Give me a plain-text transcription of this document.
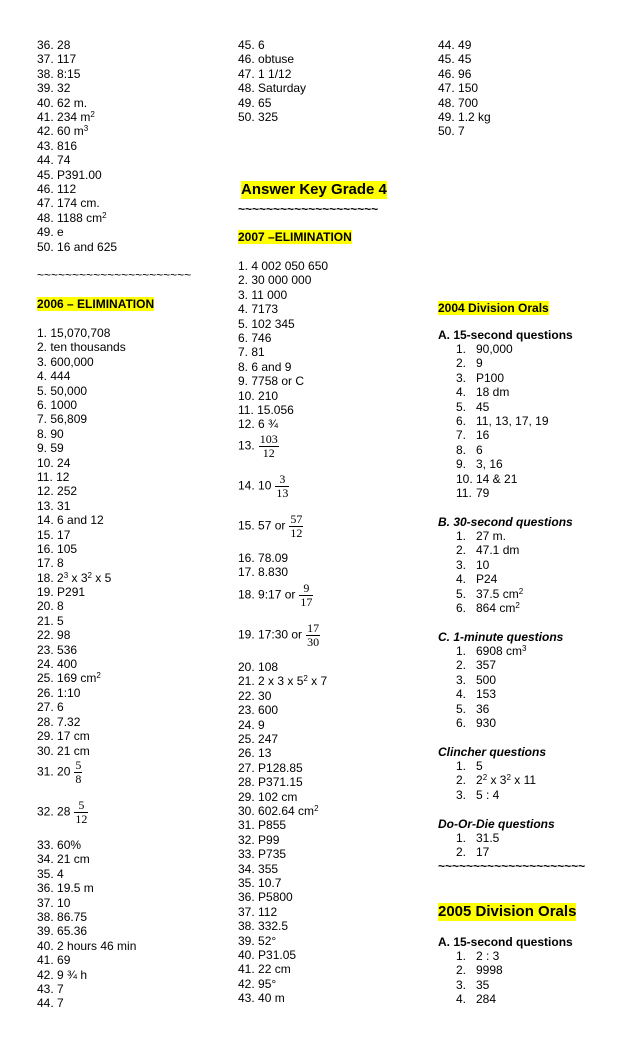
36. 28
37. 117
38. 8:15
39. 32
40. 62 m.
41. 234 $m^2$
42. 60 $m^3$
43. 816
44. 74
45. P391.00
46. 112
47. 174 cm.
48. 1188 $cm^2$
49. e
50. 16 and 625
~~~~~~~~~~~~~~~~~~~~~~
2006 – ELIMINATION
1. 15,070,708
2. ten thousands
3. 600,000
4. 444
5. 50,000
6. 1000
7. 56,809
8. 90
9. 59
10. 24
11. 12
12. 252
13. 31
14. 6 and 12
15. 17
16. 105
17. 8
18. $2^3$ x $3^2$ x 5
19. P291
20. 8
21. 5
22. 98
23. 536
24. 400
25. 169 $cm^2$
26. 1:10
27. 6
28. 7.32
29. 17 cm
30. 21 cm
31. $20 \frac{5}{8}$
32. $28 \frac{5}{12}$
33. 60%
34. 21 cm
35. 4
36. 19.5 m
37. 10
38. 86.75
39. 65.36
40. 2 hours 46 min
41. 69
42. 9 ¾ h
43. 7
44. 7
45. 6
46. obtuse
47. 1 1/12
48. Saturday
49. 65
50. 325
Answer Key Grade 4
~~~~~~~~~~~~~~~~~~~~
2007 –ELIMINATION
1. 4 002 050 650
2. 30 000 000
3. 11 000
4. 7173
5. 102 345
6. 746
7. 81
8. 6 and 9
9. 7758 or C
10. 210
11. 15.056
12. 6 ¾
13. $\frac{103}{12}$
14. $10 \frac{3}{13}$
15. 57 or $\frac{57}{12}$
16. 78.09
17. 8.830
18. 9:17 or $\frac{9}{17}$
19. 17:30 or $\frac{17}{30}$
20. 108
21. 2 x 3 x $5^2$ x 7
22. 30
23. 600
24. 9
25. 247
26. 13
27. P128.85
28. P371.15
29. 102 cm
30. 602.64 $cm^2$
31. P855
32. P99
33. P735
34. 355
35. 10.7
36. P5800
37. 112
38. 332.5
39. 52°
40. P31.05
41. 22 cm
42. 95°
43. 40 m
44. 49
45. 45
46. 96
47. 150
48. 700
49. 1.2 kg
50. 7
2004 Division Orals
A. 15-second questions
1. 90,000
2. 9
3. P100
4. 18 dm
5. 45
6. 11, 13, 17, 19
7. 16
8. 6
9. 3, 16
10. 14 & 21
11. 79
B. 30-second questions
1. 27 m.
2. 47.1 dm
3. 10
4. P24
5. 37.5 $cm^2$
6. 864 $cm^2$
C. 1-minute questions
1. 6908 $cm^3$
2. 357
3. 500
4. 153
5. 36
6. 930
Clincher questions
1. 5
2. $2^2$ x $3^2$ x 11
3. 5 : 4
Do-Or-Die questions
1. 31.5
2. 17
~~~~~~~~~~~~~~~~~~~~~
2005 Division Orals
A. 15-second questions
1. 2 : 3
2. 9998
3. 35
4. 284
